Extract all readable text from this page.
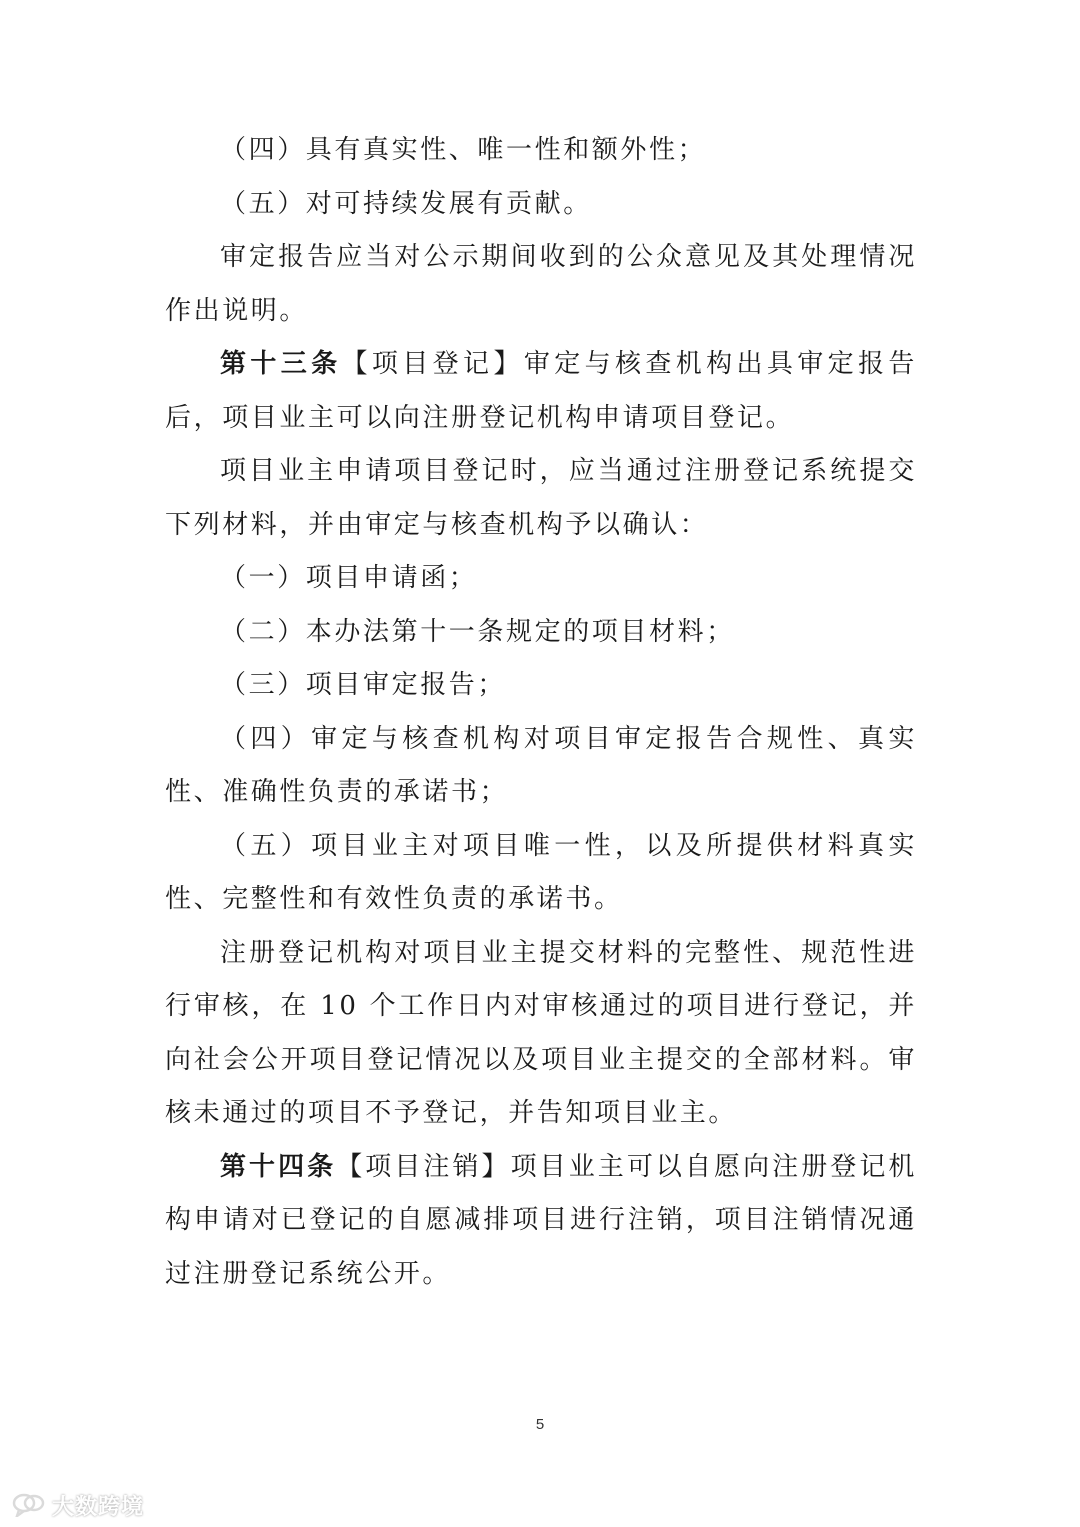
（四）具有真实性、唯一性和额外性；

（五）对可持续发展有贡献。

审定报告应当对公示期间收到的公众意见及其处理情况作出说明。

第十三条【项目登记】审定与核查机构出具审定报告后，项目业主可以向注册登记机构申请项目登记。

项目业主申请项目登记时，应当通过注册登记系统提交下列材料，并由审定与核查机构予以确认：

（一）项目申请函；

（二）本办法第十一条规定的项目材料；

（三）项目审定报告；

（四）审定与核查机构对项目审定报告合规性、真实性、准确性负责的承诺书；

（五）项目业主对项目唯一性，以及所提供材料真实性、完整性和有效性负责的承诺书。

注册登记机构对项目业主提交材料的完整性、规范性进行审核，在 10 个工作日内对审核通过的项目进行登记，并向社会公开项目登记情况以及项目业主提交的全部材料。审核未通过的项目不予登记，并告知项目业主。

第十四条【项目注销】项目业主可以自愿向注册登记机构申请对已登记的自愿减排项目进行注销，项目注销情况通过注册登记系统公开。

5
大数跨境
